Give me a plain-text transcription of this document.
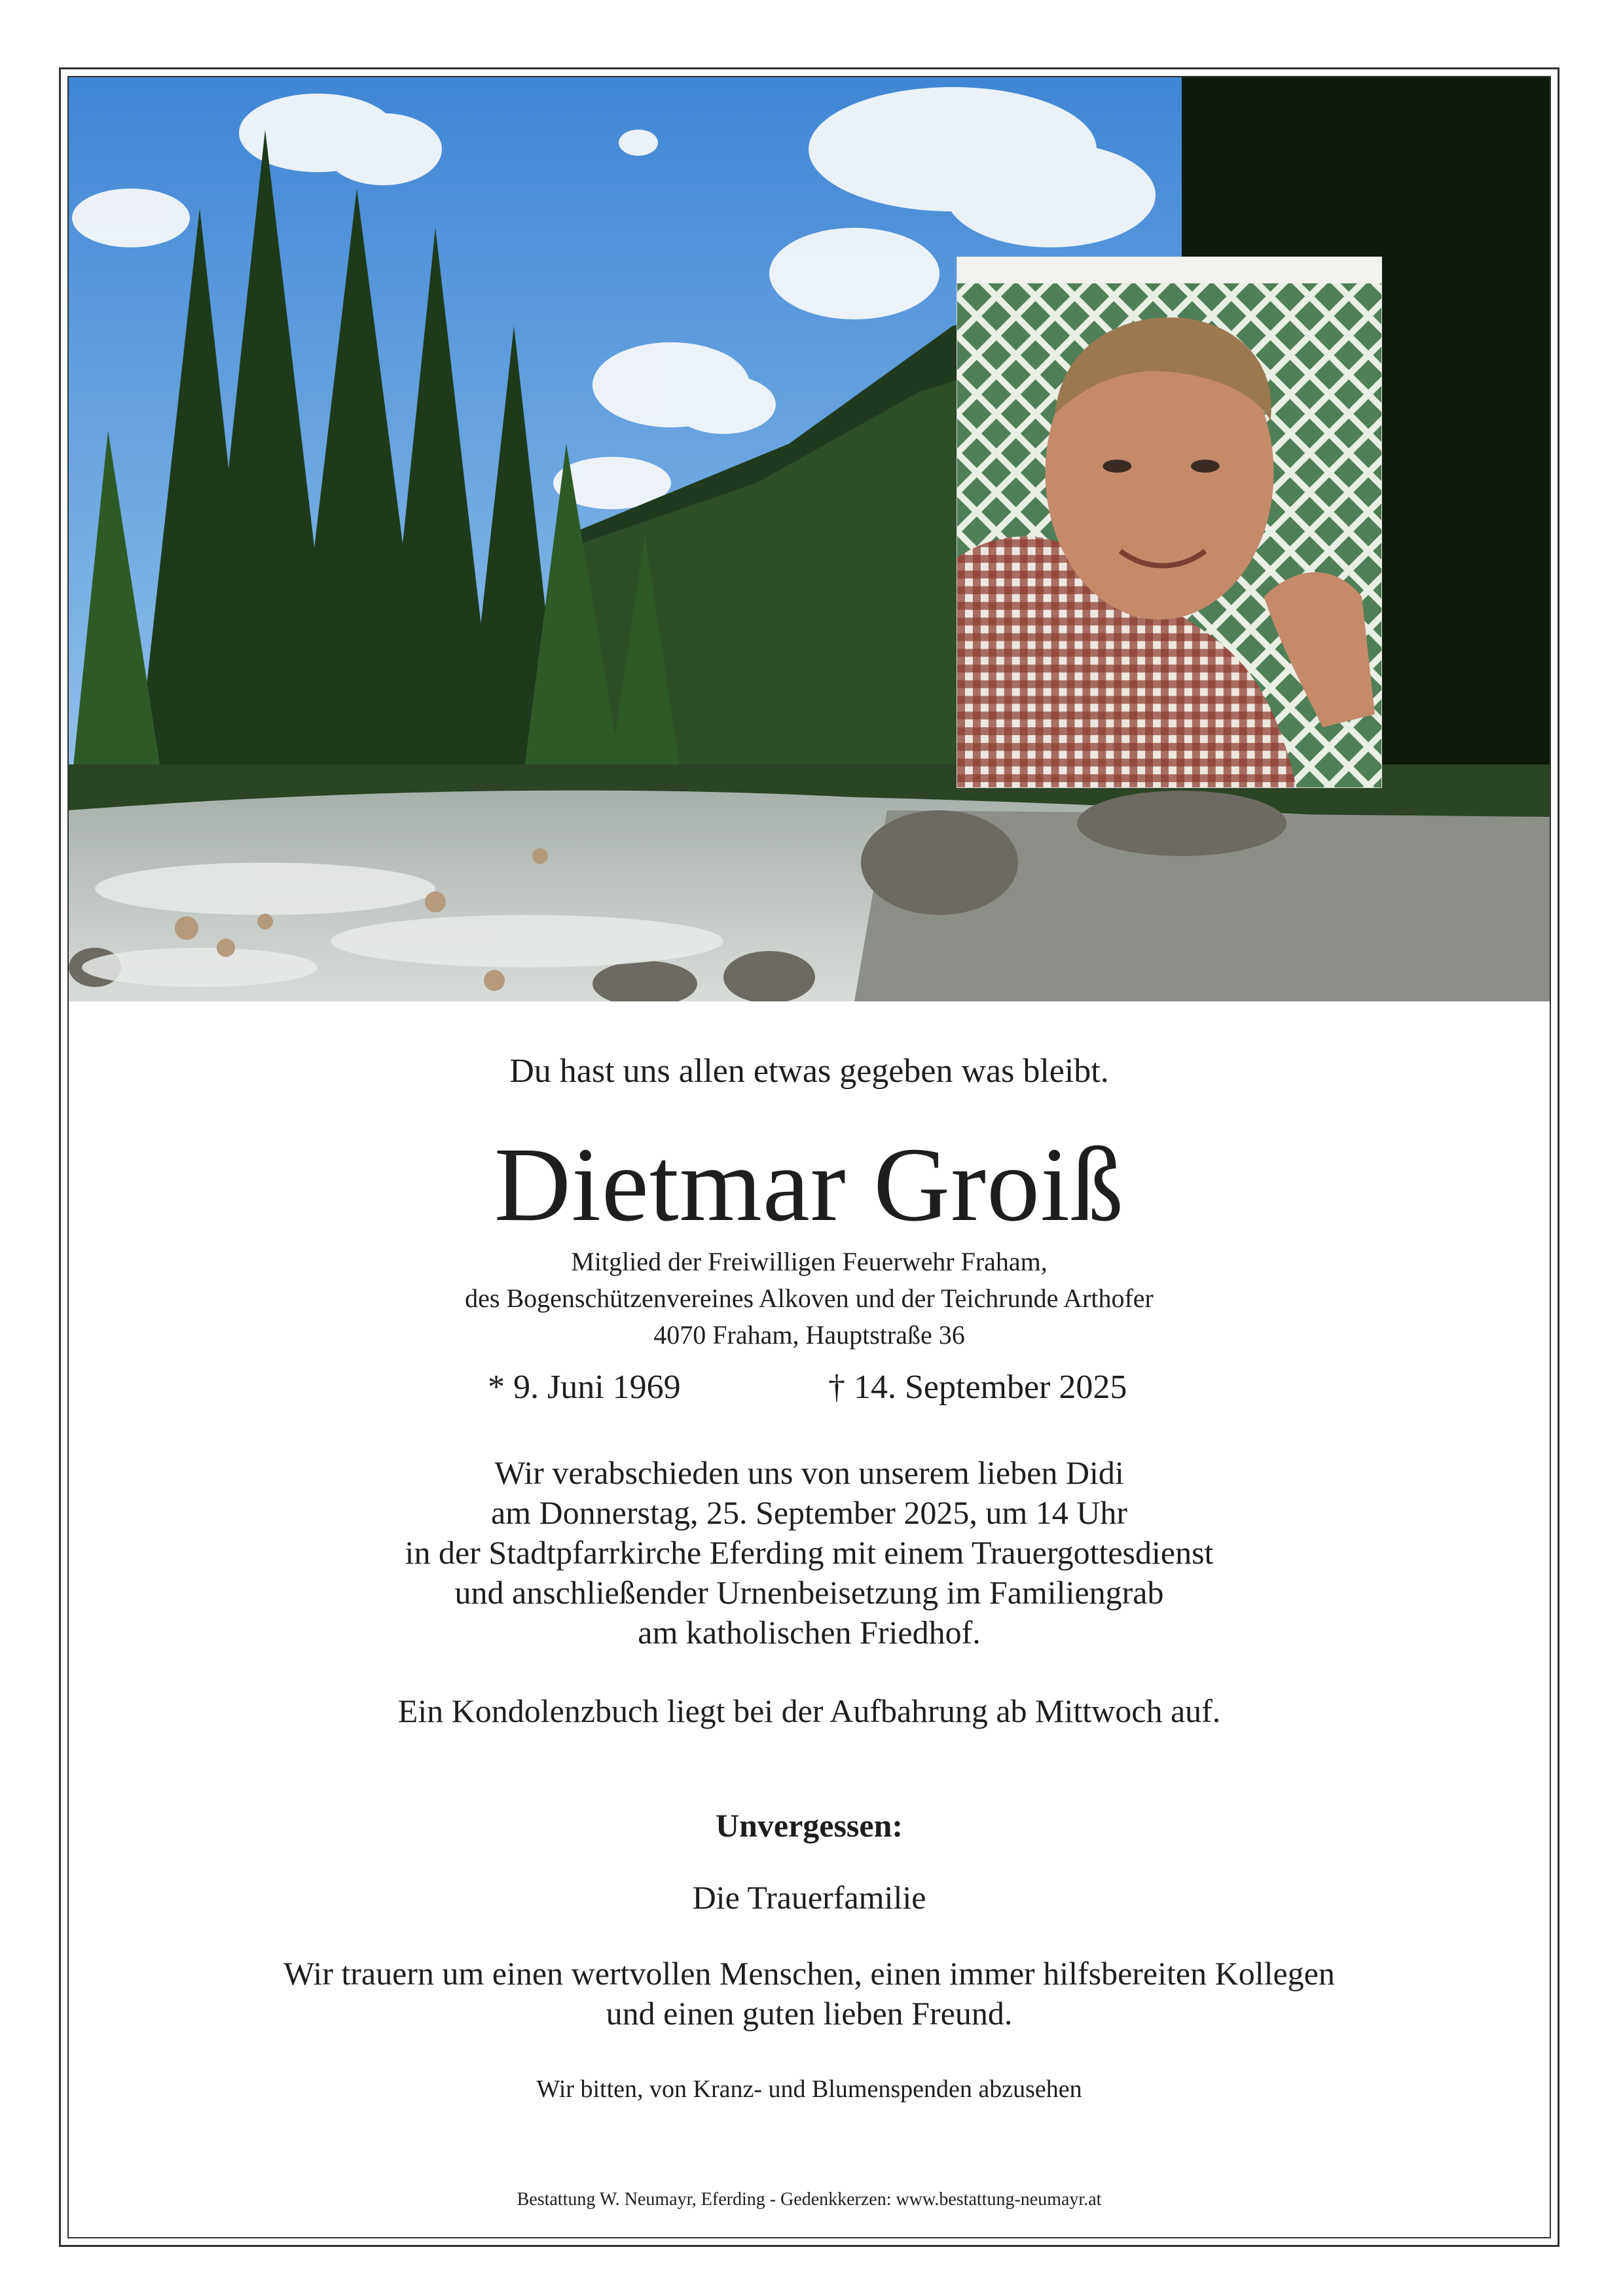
Du hast uns allen etwas gegeben was bleibt.
Dietmar Groiß
Mitglied der Freiwilligen Feuerwehr Fraham,
des Bogenschützenvereines Alkoven und der Teichrunde Arthofer
4070 Fraham, Hauptstraße 36
* 9. Juni 1969	† 14. September 2025
Wir verabschieden uns von unserem lieben Didi
am Donnerstag, 25. September 2025, um 14 Uhr
in der Stadtpfarrkirche Eferding mit einem Trauergottesdienst
und anschließender Urnenbeisetzung im Familiengrab
am katholischen Friedhof.
Ein Kondolenzbuch liegt bei der Aufbahrung ab Mittwoch auf.
Unvergessen:
Die Trauerfamilie
Wir trauern um einen wertvollen Menschen, einen immer hilfsbereiten Kollegen
und einen guten lieben Freund.
Wir bitten, von Kranz- und Blumenspenden abzusehen
Bestattung W. Neumayr, Eferding - Gedenkkerzen: www.bestattung-neumayr.at
